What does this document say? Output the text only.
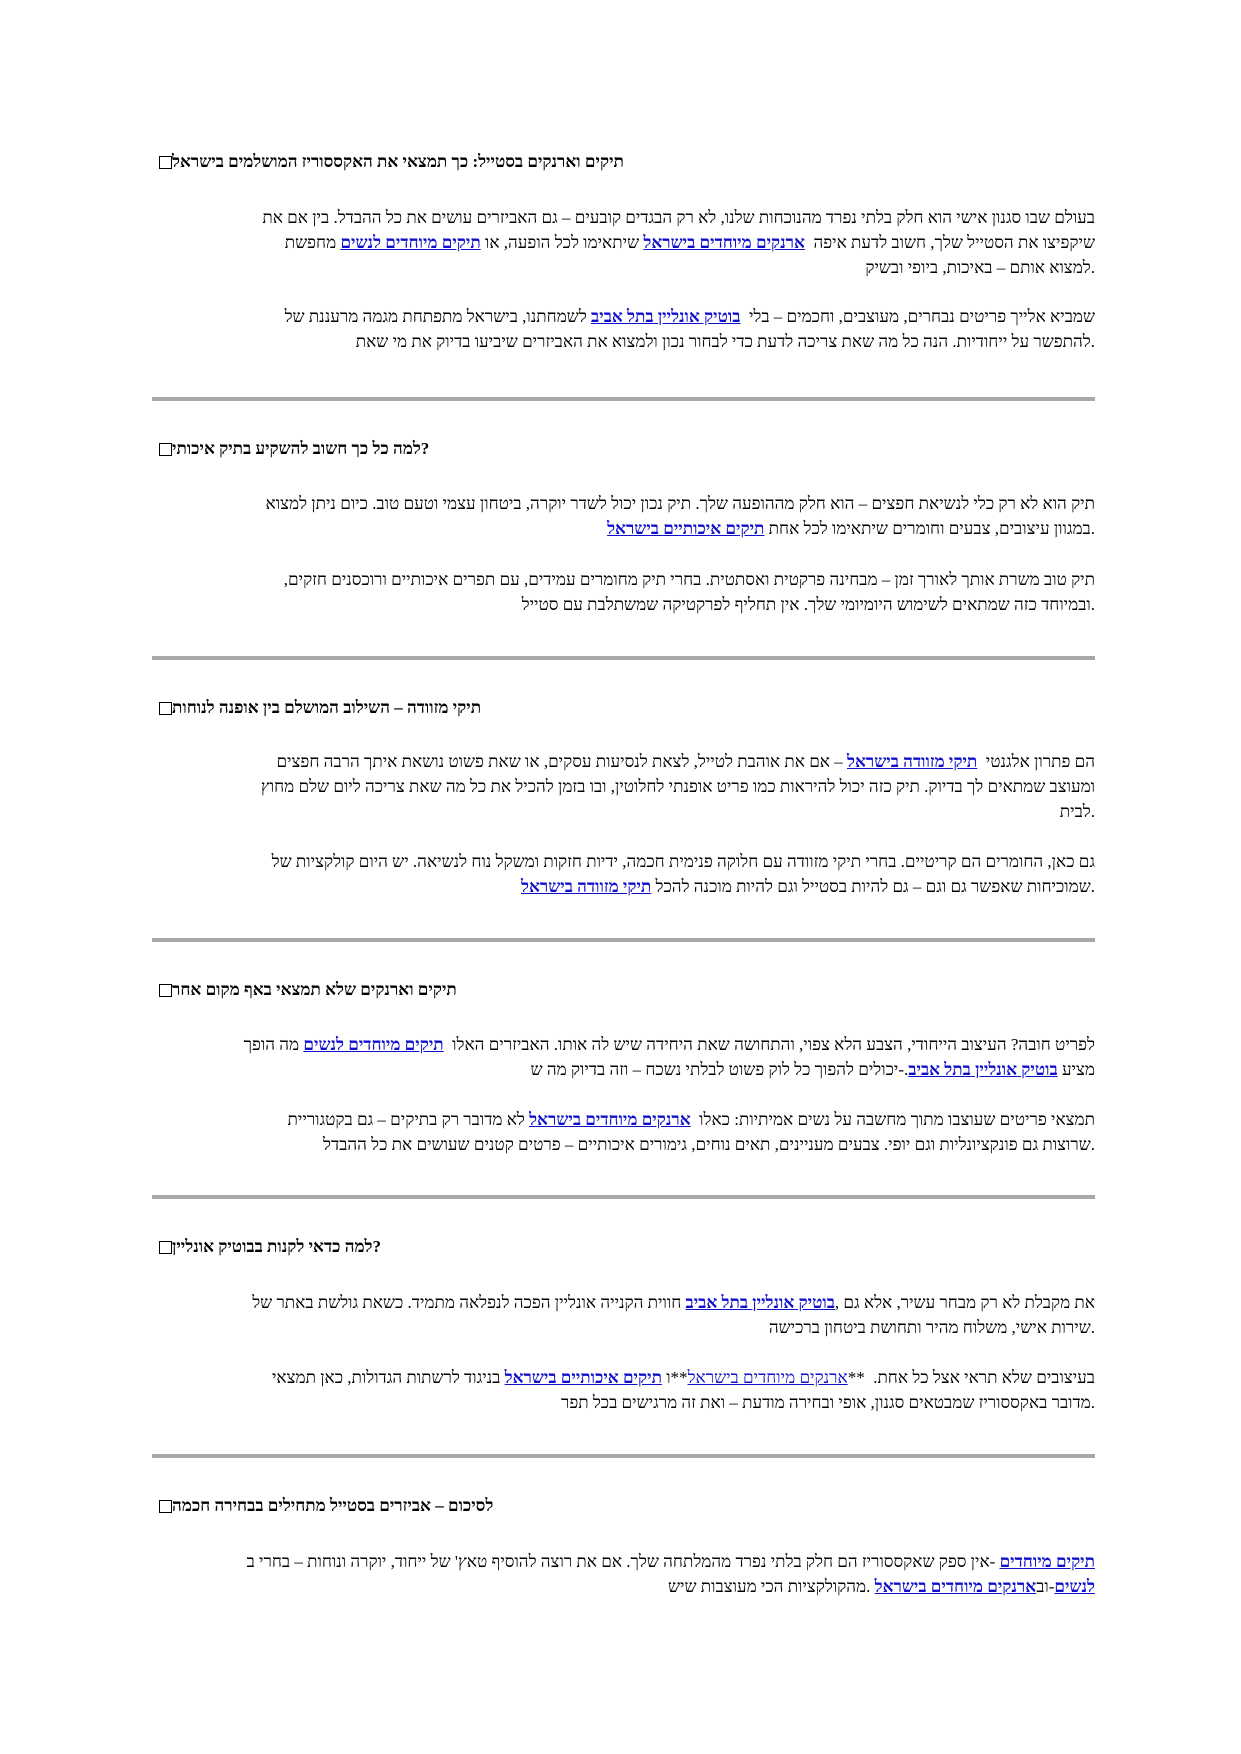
תיקים וארנקים בסטייל: כך תמצאי את האקססוריז המושלמים בישראל

בעולם שבו סגנון אישי הוא חלק בלתי נפרד מהנוכחות שלנו, לא רק הבגדים קובעים – גם האביזרים עושים את כל ההבדל. בין אם את
שיקפיצו את הסטייל שלך, חשוב לדעת איפה  ארנקים מיוחדים בישראל שיתאימו לכל הופעה, או תיקים מיוחדים לנשים מחפשת
.למצוא אותם – באיכות, ביופי ובשיק

שמביא אלייך פריטים נבחרים, מעוצבים, וחכמים – בלי  בוטיק אונליין בתל אביב לשמחתנו, בישראל מתפתחת מגמה מרעננת של
.להתפשר על ייחודיות. הנה כל מה שאת צריכה לדעת כדי לבחור נכון ולמצוא את האביזרים שיביעו בדיוק את מי שאת

?למה כל כך חשוב להשקיע בתיק איכותי

תיק הוא לא רק כלי לנשיאת חפצים – הוא חלק מההופעה שלך. תיק נכון יכול לשדר יוקרה, ביטחון עצמי וטעם טוב. כיום ניתן למצוא
.במגוון עיצובים, צבעים וחומרים שיתאימו לכל אחת תיקים איכותיים בישראל

תיק טוב משרת אותך לאורך זמן – מבחינה פרקטית ואסתטית. בחרי תיק מחומרים עמידים, עם תפרים איכותיים ורוכסנים חזקים,
.ובמיוחד כזה שמתאים לשימוש היומיומי שלך. אין תחליף לפרקטיקה שמשתלבת עם סטייל

תיקי מזוודה – השילוב המושלם בין אופנה לנוחות

הם פתרון אלגנטי  תיקי מזוודה בישראל – אם את אוהבת לטייל, לצאת לנסיעות עסקים, או שאת פשוט נושאת איתך הרבה חפצים
ומעוצב שמתאים לך בדיוק. תיק כזה יכול להיראות כמו פריט אופנתי לחלוטין, ובו בזמן להכיל את כל מה שאת צריכה ליום שלם מחוץ
.לבית

גם כאן, החומרים הם קריטיים. בחרי תיקי מזוודה עם חלוקה פנימית חכמה, ידיות חזקות ומשקל נוח לנשיאה. יש היום קולקציות של
.שמוכיחות שאפשר גם וגם – גם להיות בסטייל וגם להיות מוכנה להכל תיקי מזוודה בישראל

תיקים וארנקים שלא תמצאי באף מקום אחר

לפריט חובה? העיצוב הייחודי, הצבע הלא צפוי, והתחושה שאת היחידה שיש לה אותו. האביזרים האלו  תיקים מיוחדים לנשים מה הופך
מציע בוטיק אונליין בתל אביב.-יכולים להפוך כל לוק פשוט לבלתי נשכח – וזה בדיוק מה ש

תמצאי פריטים שעוצבו מתוך מחשבה על נשים אמיתיות: כאלו  ארנקים מיוחדים בישראל לא מדובר רק בתיקים – גם בקטגוריית
.שרוצות גם פונקציונליות וגם יופי. צבעים מעניינים, תאים נוחים, גימורים איכותיים – פרטים קטנים שעושים את כל ההבדל

?למה כדאי לקנות בבוטיק אונליין

את מקבלת לא רק מבחר עשיר, אלא גם ,בוטיק אונליין בתל אביב חווית הקנייה אונליין הפכה לנפלאה מתמיד. כשאת גולשת באתר של
.שירות אישי, משלוח מהיר ותחושת ביטחון ברכישה

בעיצובים שלא תראי אצל כל אחת.  **ארנקים מיוחדים בישראל**ו תיקים איכותיים בישראל בניגוד לרשתות הגדולות, כאן תמצאי
.מדובר באקססוריז שמבטאים סגנון, אופי ובחירה מודעת – ואת זה מרגישים בכל תפר

לסיכום – אביזרים בסטייל מתחילים בבחירה חכמה

תיקים מיוחדים -אין ספק שאקססוריז הם חלק בלתי נפרד מהמלתחה שלך. אם את רוצה להוסיף טאץ' של ייחוד, יוקרה ונוחות – בחרי ב
לנשים-ובארנקים מיוחדים בישראל .מהקולקציות הכי מעוצבות שיש
